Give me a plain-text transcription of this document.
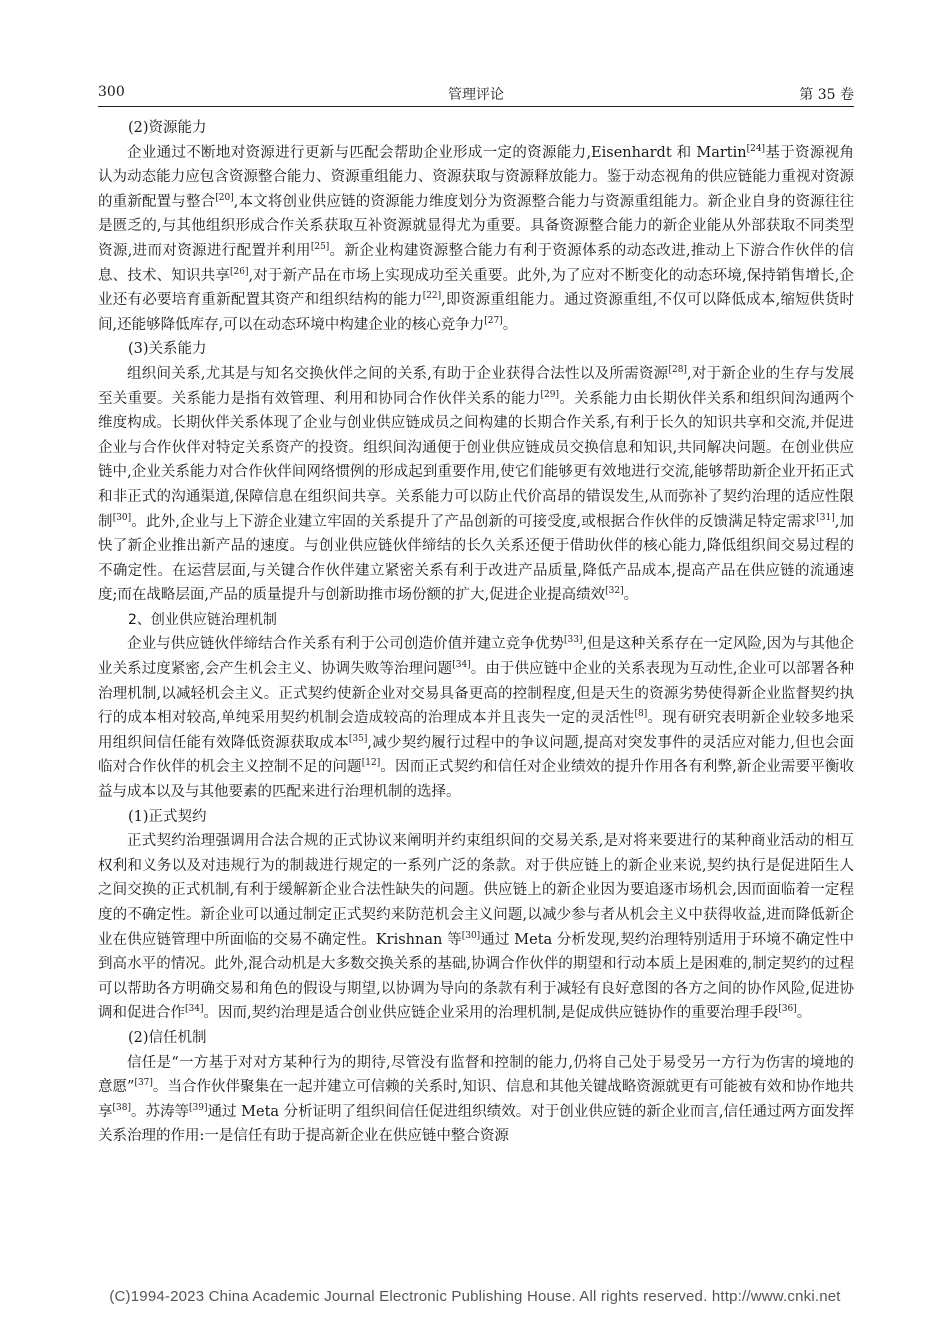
300	管理评论	第 35 卷
(2)资源能力
企业通过不断地对资源进行更新与匹配会帮助企业形成一定的资源能力,Eisenhardt 和 Martin[24]基于资源视角认为动态能力应包含资源整合能力、资源重组能力、资源获取与资源释放能力。鉴于动态视角的供应链能力重视对资源的重新配置与整合[20],本文将创业供应链的资源能力维度划分为资源整合能力与资源重组能力。新企业自身的资源往往是匮乏的,与其他组织形成合作关系获取互补资源就显得尤为重要。具备资源整合能力的新企业能从外部获取不同类型资源,进而对资源进行配置并利用[25]。新企业构建资源整合能力有利于资源体系的动态改进,推动上下游合作伙伴的信息、技术、知识共享[26],对于新产品在市场上实现成功至关重要。此外,为了应对不断变化的动态环境,保持销售增长,企业还有必要培育重新配置其资产和组织结构的能力[22],即资源重组能力。通过资源重组,不仅可以降低成本,缩短供货时间,还能够降低库存,可以在动态环境中构建企业的核心竞争力[27]。
(3)关系能力
组织间关系,尤其是与知名交换伙伴之间的关系,有助于企业获得合法性以及所需资源[28],对于新企业的生存与发展至关重要。关系能力是指有效管理、利用和协同合作伙伴关系的能力[29]。关系能力由长期伙伴关系和组织间沟通两个维度构成。长期伙伴关系体现了企业与创业供应链成员之间构建的长期合作关系,有利于长久的知识共享和交流,并促进企业与合作伙伴对特定关系资产的投资。组织间沟通便于创业供应链成员交换信息和知识,共同解决问题。在创业供应链中,企业关系能力对合作伙伴间网络惯例的形成起到重要作用,使它们能够更有效地进行交流,能够帮助新企业开拓正式和非正式的沟通渠道,保障信息在组织间共享。关系能力可以防止代价高昂的错误发生,从而弥补了契约治理的适应性限制[30]。此外,企业与上下游企业建立牢固的关系提升了产品创新的可接受度,或根据合作伙伴的反馈满足特定需求[31],加快了新企业推出新产品的速度。与创业供应链伙伴缔结的长久关系还便于借助伙伴的核心能力,降低组织间交易过程的不确定性。在运营层面,与关键合作伙伴建立紧密关系有利于改进产品质量,降低产品成本,提高产品在供应链的流通速度;而在战略层面,产品的质量提升与创新助推市场份额的扩大,促进企业提高绩效[32]。
2、创业供应链治理机制
企业与供应链伙伴缔结合作关系有利于公司创造价值并建立竞争优势[33],但是这种关系存在一定风险,因为与其他企业关系过度紧密,会产生机会主义、协调失败等治理问题[34]。由于供应链中企业的关系表现为互动性,企业可以部署各种治理机制,以减轻机会主义。正式契约使新企业对交易具备更高的控制程度,但是天生的资源劣势使得新企业监督契约执行的成本相对较高,单纯采用契约机制会造成较高的治理成本并且丧失一定的灵活性[8]。现有研究表明新企业较多地采用组织间信任能有效降低资源获取成本[35],减少契约履行过程中的争议问题,提高对突发事件的灵活应对能力,但也会面临对合作伙伴的机会主义控制不足的问题[12]。因而正式契约和信任对企业绩效的提升作用各有利弊,新企业需要平衡收益与成本以及与其他要素的匹配来进行治理机制的选择。
(1)正式契约
正式契约治理强调用合法合规的正式协议来阐明并约束组织间的交易关系,是对将来要进行的某种商业活动的相互权利和义务以及对违规行为的制裁进行规定的一系列广泛的条款。对于供应链上的新企业来说,契约执行是促进陌生人之间交换的正式机制,有利于缓解新企业合法性缺失的问题。供应链上的新企业因为要追逐市场机会,因而面临着一定程度的不确定性。新企业可以通过制定正式契约来防范机会主义问题,以减少参与者从机会主义中获得收益,进而降低新企业在供应链管理中所面临的交易不确定性。Krishnan 等[30]通过 Meta 分析发现,契约治理特别适用于环境不确定性中到高水平的情况。此外,混合动机是大多数交换关系的基础,协调合作伙伴的期望和行动本质上是困难的,制定契约的过程可以帮助各方明确交易和角色的假设与期望,以协调为导向的条款有利于减轻有良好意图的各方之间的协作风险,促进协调和促进合作[34]。因而,契约治理是适合创业供应链企业采用的治理机制,是促成供应链协作的重要治理手段[36]。
(2)信任机制
信任是“一方基于对对方某种行为的期待,尽管没有监督和控制的能力,仍将自己处于易受另一方行为伤害的境地的意愿”[37]。当合作伙伴聚集在一起并建立可信赖的关系时,知识、信息和其他关键战略资源就更有可能被有效和协作地共享[38]。苏涛等[39]通过 Meta 分析证明了组织间信任促进组织绩效。对于创业供应链的新企业而言,信任通过两方面发挥关系治理的作用:一是信任有助于提高新企业在供应链中整合资源
(C)1994-2023 China Academic Journal Electronic Publishing House. All rights reserved. http://www.cnki.net
